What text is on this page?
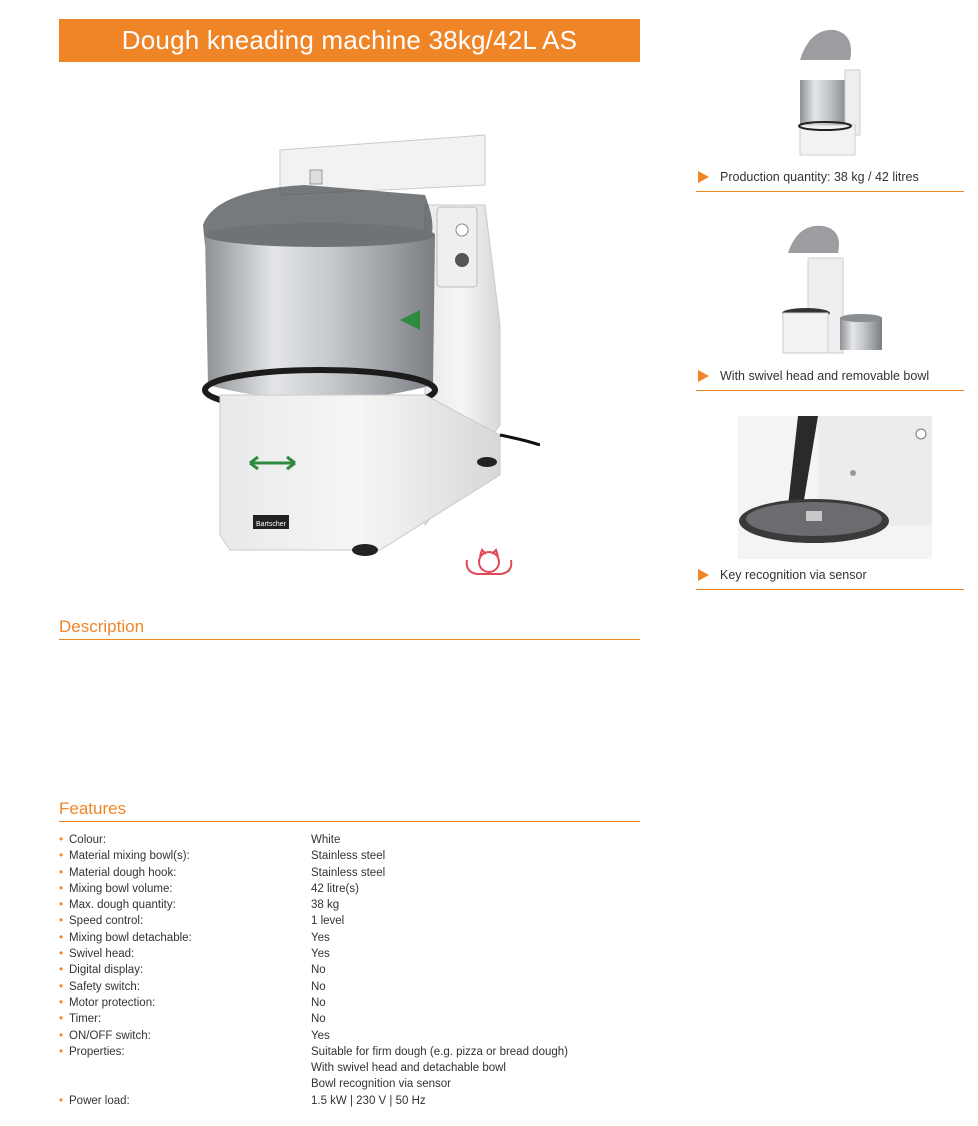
Dough kneading machine 38kg/42L AS
Bartscher
Description
Features
• Colour:	White
• Material mixing bowl(s):	Stainless steel
• Material dough hook:	Stainless steel
• Mixing bowl volume:	42 litre(s)
• Max. dough quantity:	38 kg
• Speed control:	1 level
• Mixing bowl detachable:	Yes
• Swivel head:	Yes
• Digital display:	No
• Safety switch:	No
• Motor protection:	No
• Timer:	No
• ON/OFF switch:	Yes
• Properties:	Suitable for firm dough (e.g. pizza or bread dough)
With swivel head and detachable bowl
Bowl recognition via sensor
• Power load:	1.5 kW | 230 V | 50 Hz
Production quantity: 38 kg / 42 litres
With swivel head and removable bowl
Key recognition via sensor
